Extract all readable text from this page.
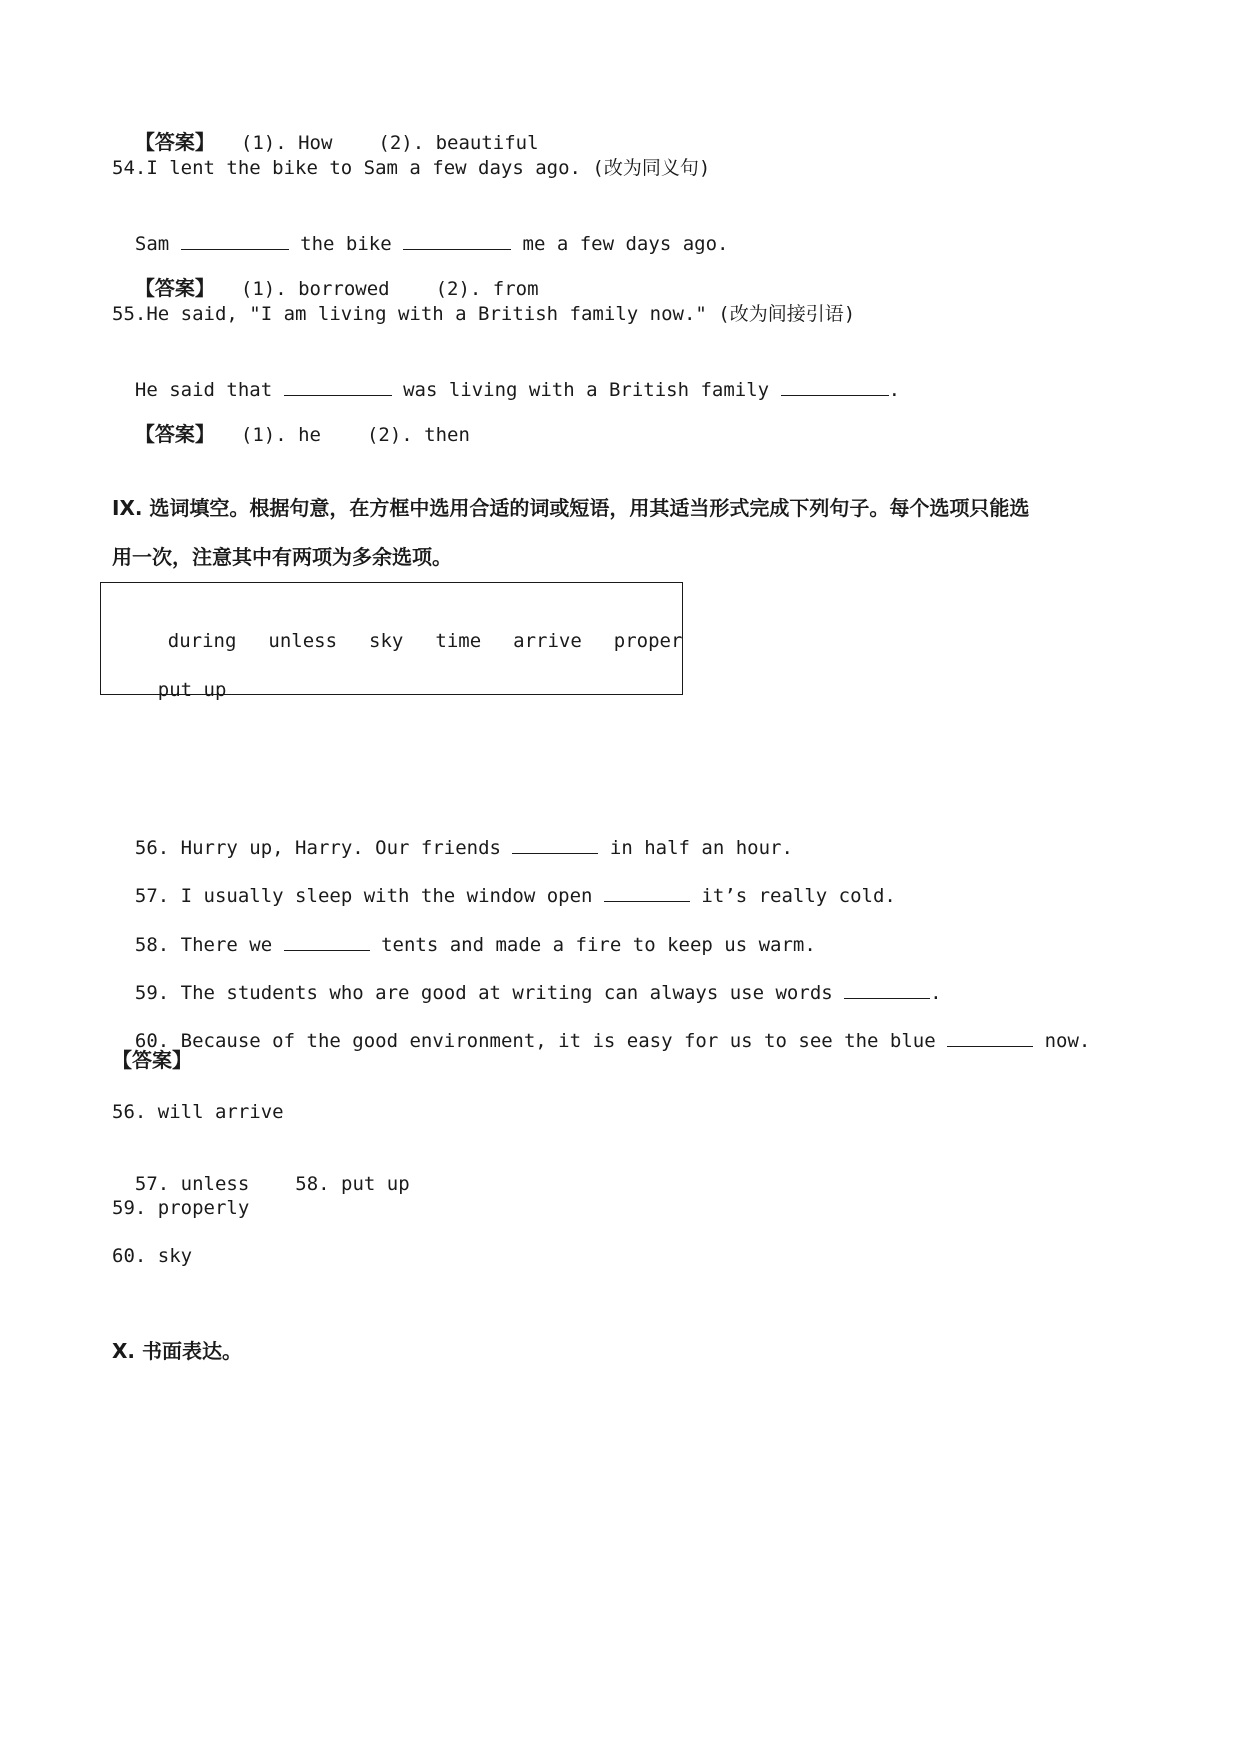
【答案】 (1). How (2). beautiful

54.I lent the bike to Sam a few days ago. (改为同义句)

Sam	the bike	me a few days ago.

【答案】 (1). borrowed (2). from

55.He said, "I am living with a British family now." (改为间接引语)

He said that	was living with a British family	.

【答案】 (1). he (2). then

IX. 选词填空。根据句意，在方框中选用合适的词或短语，用其适当形式完成下列句子。每个选项只能选
用一次，注意其中有两项为多余选项。

during unless sky time arrive proper

put up

56. Hurry up, Harry. Our friends	in half an hour.

57. I usually sleep with the window open	it’s really cold.

58. There we	tents and made a fire to keep us warm.

59. The students who are good at writing can always use words	.

60. Because of the good environment, it is easy for us to see the blue	now.

【答案】
56. will arrive

57. unless 58. put up

59. properly
60. sky
X. 书面表达。
